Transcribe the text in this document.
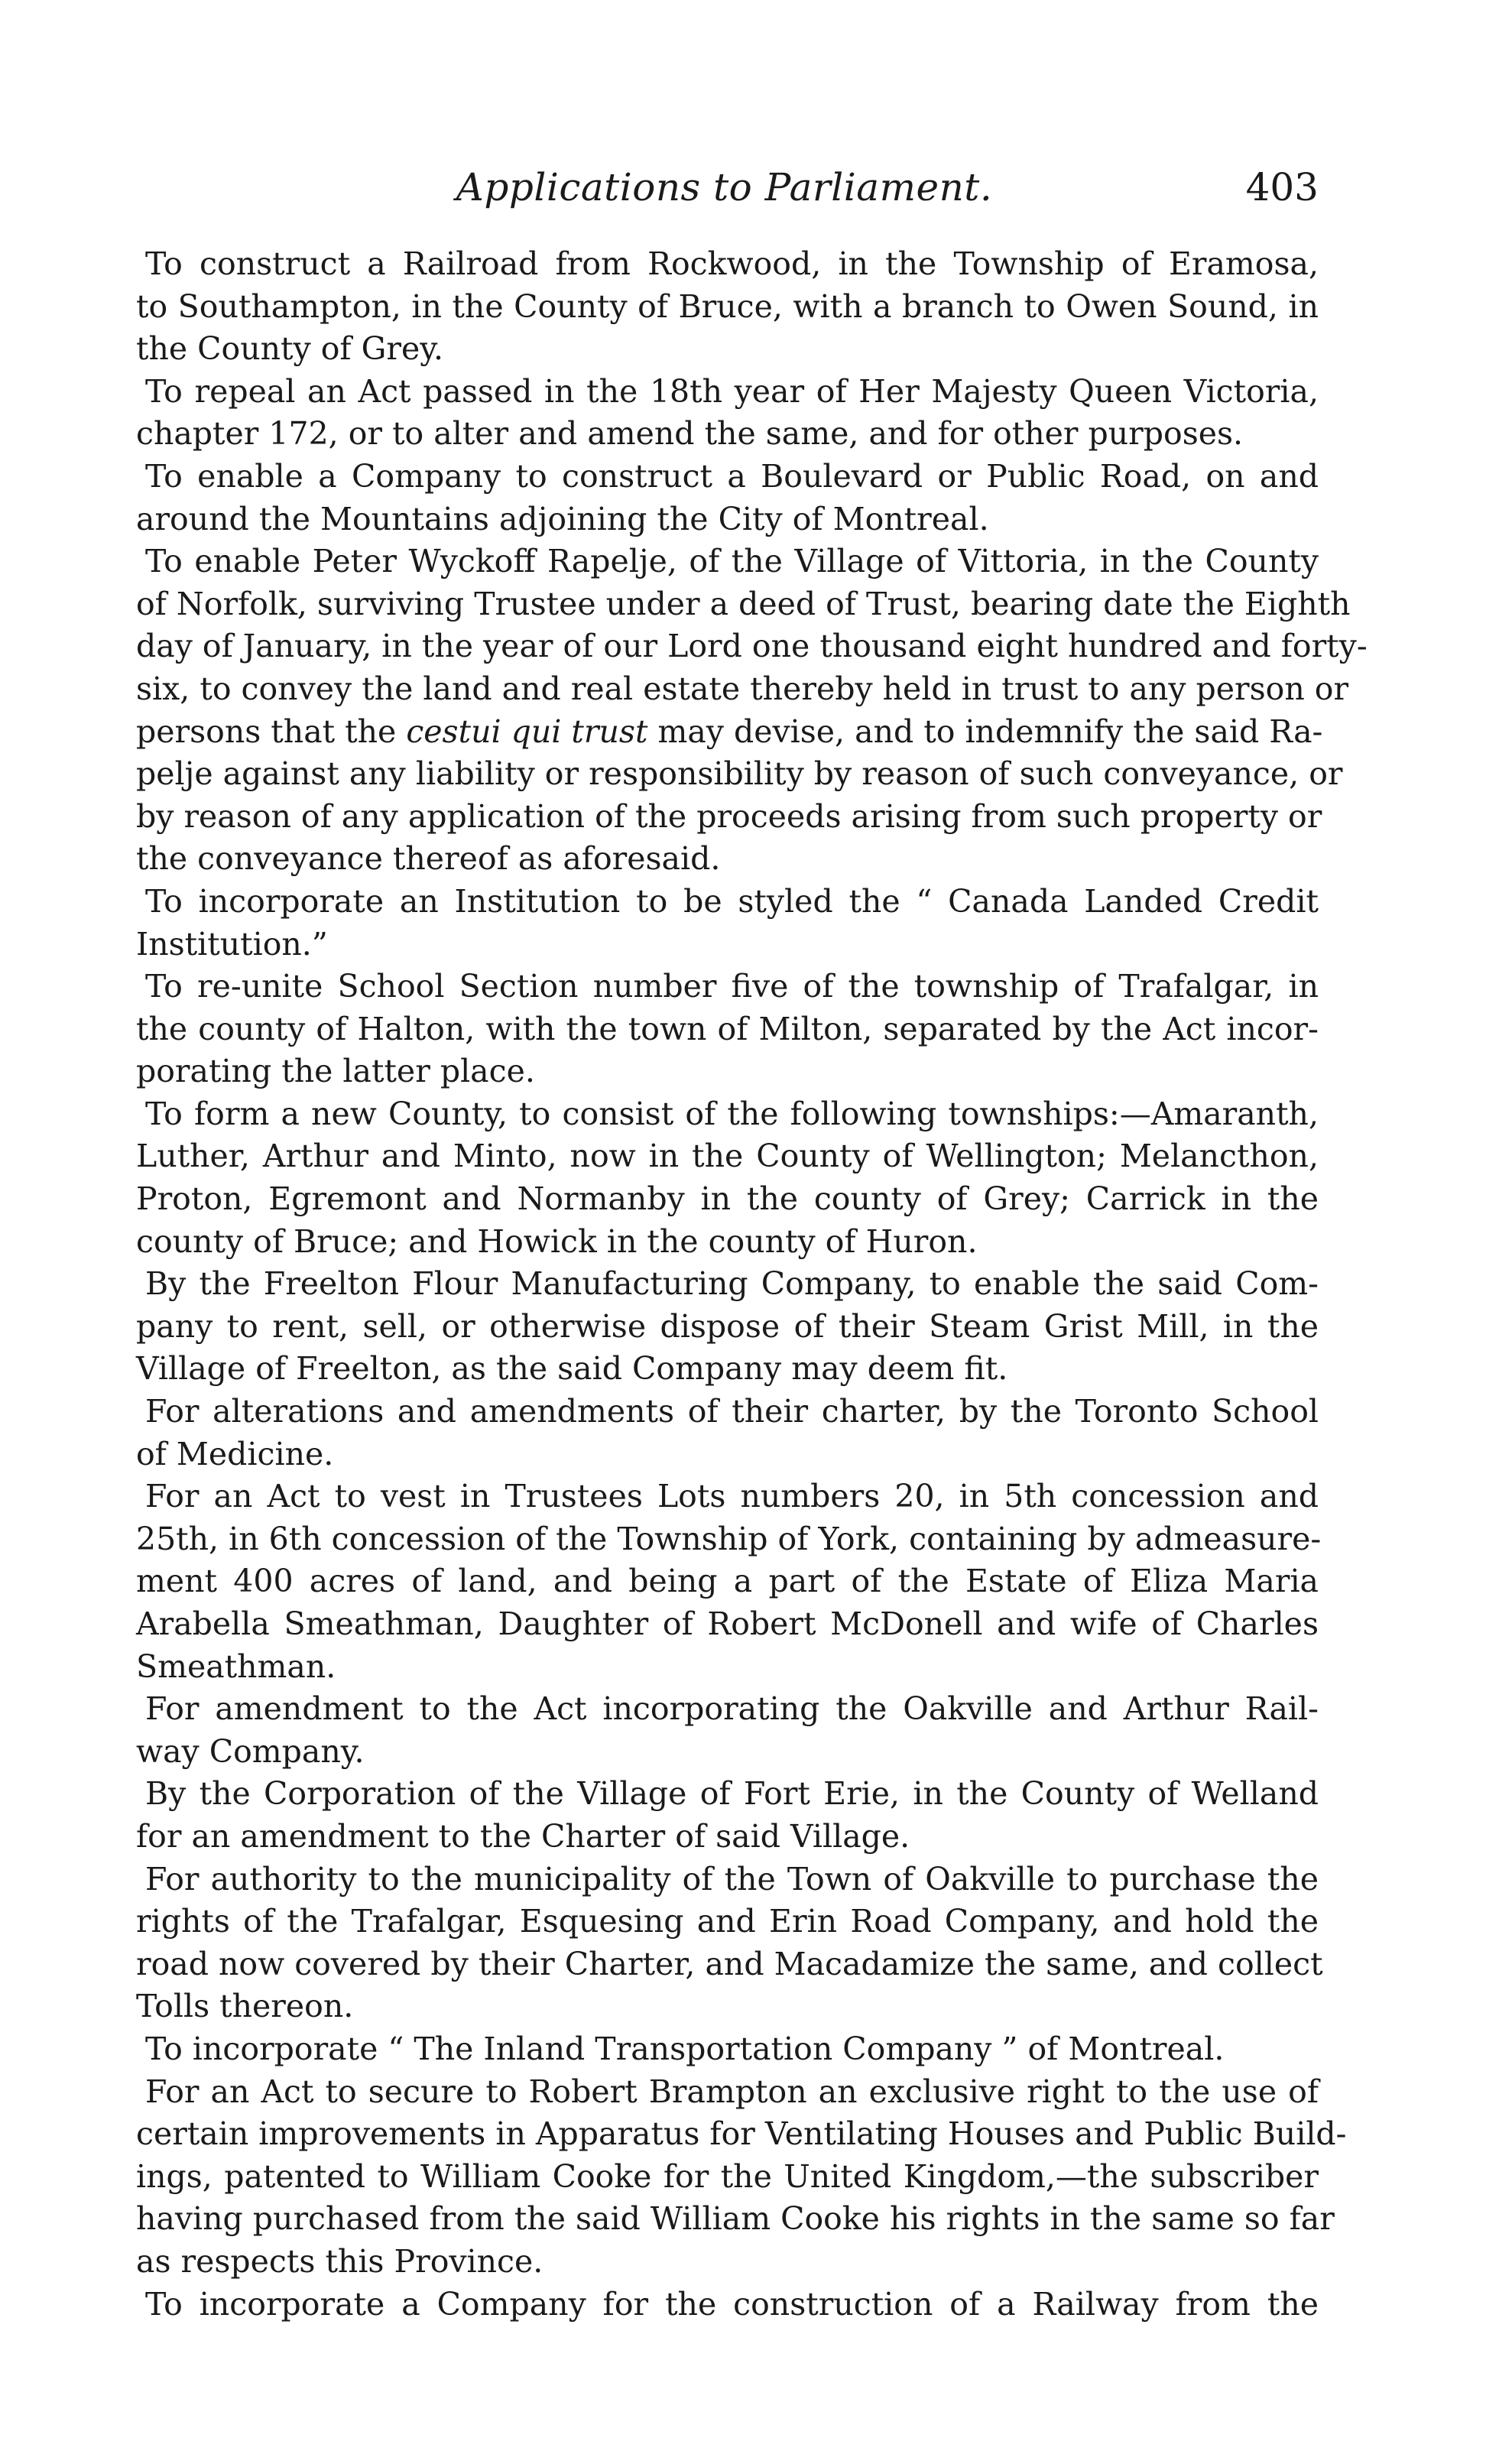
Applications to Parliament.	403
To construct a Railroad from Rockwood, in the Township of Eramosa,
to Southampton, in the County of Bruce, with a branch to Owen Sound, in
the County of Grey.
To repeal an Act passed in the 18th year of Her Majesty Queen Victoria,
chapter 172, or to alter and amend the same, and for other purposes.
To enable a Company to construct a Boulevard or Public Road, on and
around the Mountains adjoining the City of Montreal.
To enable Peter Wyckoff Rapelje, of the Village of Vittoria, in the County
of Norfolk, surviving Trustee under a deed of Trust, bearing date the Eighth
day of January, in the year of our Lord one thousand eight hundred and forty-
six, to convey the land and real estate thereby held in trust to any person or
persons that the cestui qui trust may devise, and to indemnify the said Ra-
pelje against any liability or responsibility by reason of such conveyance, or
by reason of any application of the proceeds arising from such property or
the conveyance thereof as aforesaid.
To incorporate an Institution to be styled the “ Canada Landed Credit
Institution.”
To re-unite School Section number five of the township of Trafalgar, in
the county of Halton, with the town of Milton, separated by the Act incor-
porating the latter place.
To form a new County, to consist of the following townships:—Amaranth,
Luther, Arthur and Minto, now in the County of Wellington; Melancthon,
Proton, Egremont and Normanby in the county of Grey; Carrick in the
county of Bruce; and Howick in the county of Huron.
By the Freelton Flour Manufacturing Company, to enable the said Com-
pany to rent, sell, or otherwise dispose of their Steam Grist Mill, in the
Village of Freelton, as the said Company may deem fit.
For alterations and amendments of their charter, by the Toronto School
of Medicine.
For an Act to vest in Trustees Lots numbers 20, in 5th concession and
25th, in 6th concession of the Township of York, containing by admeasure-
ment 400 acres of land, and being a part of the Estate of Eliza Maria
Arabella Smeathman, Daughter of Robert McDonell and wife of Charles
Smeathman.
For amendment to the Act incorporating the Oakville and Arthur Rail-
way Company.
By the Corporation of the Village of Fort Erie, in the County of Welland
for an amendment to the Charter of said Village.
For authority to the municipality of the Town of Oakville to purchase the
rights of the Trafalgar, Esquesing and Erin Road Company, and hold the
road now covered by their Charter, and Macadamize the same, and collect
Tolls thereon.
To incorporate “ The Inland Transportation Company ” of Montreal.
For an Act to secure to Robert Brampton an exclusive right to the use of
certain improvements in Apparatus for Ventilating Houses and Public Build-
ings, patented to William Cooke for the United Kingdom,—the subscriber
having purchased from the said William Cooke his rights in the same so far
as respects this Province.
To incorporate a Company for the construction of a Railway from the
